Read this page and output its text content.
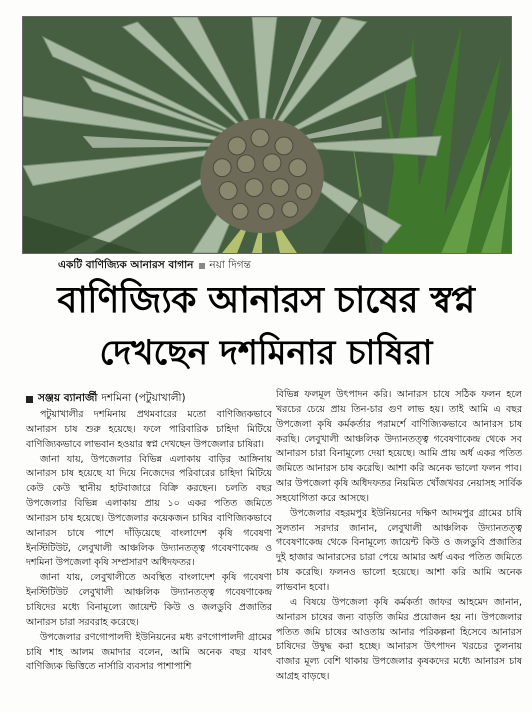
একটি বাণিজ্যিক আনারস বাগান নয়া দিগন্ত
বাণিজ্যিক আনারস চাষের স্বপ্ন
দেখছেন দশমিনার চাষিরা
সঞ্জয় ব্যানার্জী দশমিনা (পটুয়াখালী)

পটুয়াখালীর দশমিনায় প্রথমবারের মতো বাণিজ্যিকভাবে আনারস চাষ শুরু হয়েছে। ফলে পারিবারিক চাহিদা মিটিয়ে বাণিজ্যিকভাবে লাভবান হওয়ার স্বপ্ন দেখছেন উপজেলার চাষিরা।

জানা যায়, উপজেলার বিভিন্ন এলাকায় বাড়ির আঙ্গিনায় আনারস চাষ হয়েছে যা দিয়ে নিজেদের পরিবারের চাহিদা মিটিয়ে কেউ কেউ স্থানীয় হাটবাজারে বিক্রি করছেন। চলতি বছর উপজেলার বিভিন্ন এলাকায় প্রায় ১০ একর পতিত জমিতে আনারস চাষ হয়েছে। উপজেলার কয়েকজন চাষির বাণিজ্যিকভাবে আনারস চাষে পাশে দাঁড়িয়েছে বাংলাদেশ কৃষি গবেষণা ইনস্টিটিউট, লেবুখালী আঞ্চলিক উদ্যানতত্ত্ব গবেষণাকেন্দ্র ও দশমিনা উপজেলা কৃষি সম্প্রসারণ অধিদফতর।

জানা যায়, লেবুখালীতে অবস্থিত বাংলাদেশ কৃষি গবেষণা ইনস্টিটিউট লেবুখালী আঞ্চলিক উদ্যানতত্ত্ব গবেষণাকেন্দ্র চাষিদের মধ্যে বিনামূল্যে জায়েন্ট কিউ ও জলডুবি প্রজাতির আনারস চারা সরবরাহ করেছে।

উপজেলার রণগোপালদী ইউনিয়নের মধ্য রণগোপালদী গ্রামের চাষি শাহ আলম জমাদার বলেন, আমি অনেক বছর যাবৎ বাণিজ্যিক ভিত্তিতে নার্সারি ব্যবসার পাশাপাশি

বিভিন্ন ফলমূল উৎপাদন করি। আনারস চাষে সঠিক ফলন হলে খরচের চেয়ে প্রায় তিন-চার গুণ লাভ হয়। তাই আমি এ বছর উপজেলা কৃষি কর্মকর্তার পরামর্শে বাণিজ্যিকভাবে আনারস চাষ করছি। লেবুখালী আঞ্চলিক উদ্যানতত্ত্ব গবেষণাকেন্দ্র থেকে সব আনারস চারা বিনামূল্যে দেয়া হয়েছে। আমি প্রায় অর্ধ একর পতিত জমিতে আনারস চাষ করেছি। আশা করি অনেক ভালো ফলন পাব। আর উপজেলা কৃষি অধিদফতর নিয়মিত খোঁজখবর নেয়াসহ সার্বিক সহযোগিতা করে আসছে।

উপজেলার বহরমপুর ইউনিয়নের দক্ষিণ আদমপুর গ্রামের চাষি সুলতান সরদার জানান, লেবুখালী আঞ্চলিক উদ্যানতত্ত্ব গবেষণাকেন্দ্র থেকে বিনামূল্যে জায়েন্ট কিউ ও জলডুবি প্রজাতির দুই হাজার আনারসের চারা পেয়ে আমার অর্ধ একর পতিত জমিতে চাষ করেছি। ফলনও ভালো হয়েছে। আশা করি আমি অনেক লাভবান হবো।

এ বিষয়ে উপজেলা কৃষি কর্মকর্তা জাফর আহমেদ জানান, আনারস চাষের জন্য বাড়তি জমির প্রয়োজন হয় না। উপজেলার পতিত জমি চাষের আওতায় আনার পরিকল্পনা হিসেবে আনারস চাষিদের উদ্বুদ্ধ করা হচ্ছে। আনারস উৎপাদন খরচের তুলনায় বাজার মূল্য বেশি থাকায় উপজেলার কৃষকদের মধ্যে আনারস চাষ আগ্রহ বাড়ছে।
